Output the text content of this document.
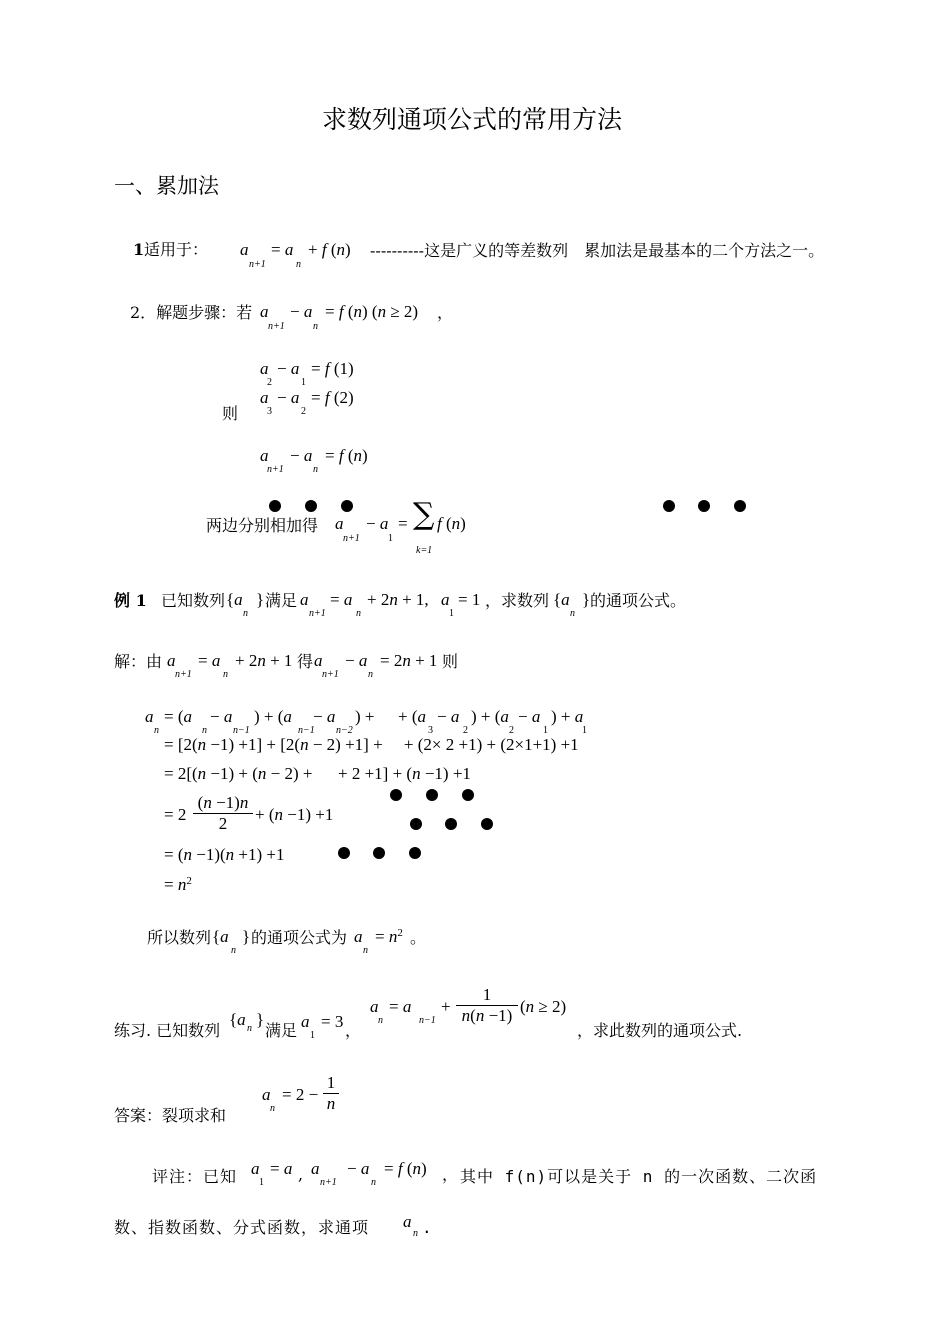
求数列通项公式的常用方法
一、累加法
1 适用于： a
n+1
= a
n
+ f (n) ----------这是广义的等差数列　累加法是最基本的二个方法之一。
2．解题步骤：若 a
n+1
− a
n
= f (n) (n ≥ 2) ，
a
2
− a
1
= f (1)
a
3
− a
2
= f (2)
则
a
n+1
− a
n
= f (n)
两边分别相加得 a
n+1
− a
1
= ∑
k=1
f (n)
例 1 已知数列 {a
n
} 满足 a
n+1
= a
n
+ 2n + 1, a
1
= 1 ，求数列 {a
n
} 的通项公式。
解：由 a
n+1
= a
n
+ 2n + 1 得 a
n+1
− a
n
= 2n + 1 则
a
n
= (a
n
− a
n−1
) + (a
n−1
− a
n−2
) + + (a
3
− a
2
) + (a
2
− a
1
) + a
1
= [2(n −1) +1] + [2(n − 2) +1] +     + (2× 2 +1) + (2×1+1) +1
= 2[(n −1) + (n − 2) +      + 2 +1] + (n −1) +1
= 2
(n −1)n
2	+ (n −1) +1
= (n −1)(n +1) +1
= $n^2$
所以数列 {a
n
} 的通项公式为 a
n
= $n^2$ 。
练习. 已知数列
{a n }
满足 a
1
= 3 ，
a
n
= a
n−1
+
1
n(n −1) (n ≥ 2)
，求此数列的通项公式.
答案：裂项求和
a
n
= 2 −
1
n
评注：已知 a
1
= a , a
n+1
− a
n
= f (n) ， 其中 f(n)可以是关于 n 的一次函数、二次函
数、指数函数、分式函数，求通项 a
n .
